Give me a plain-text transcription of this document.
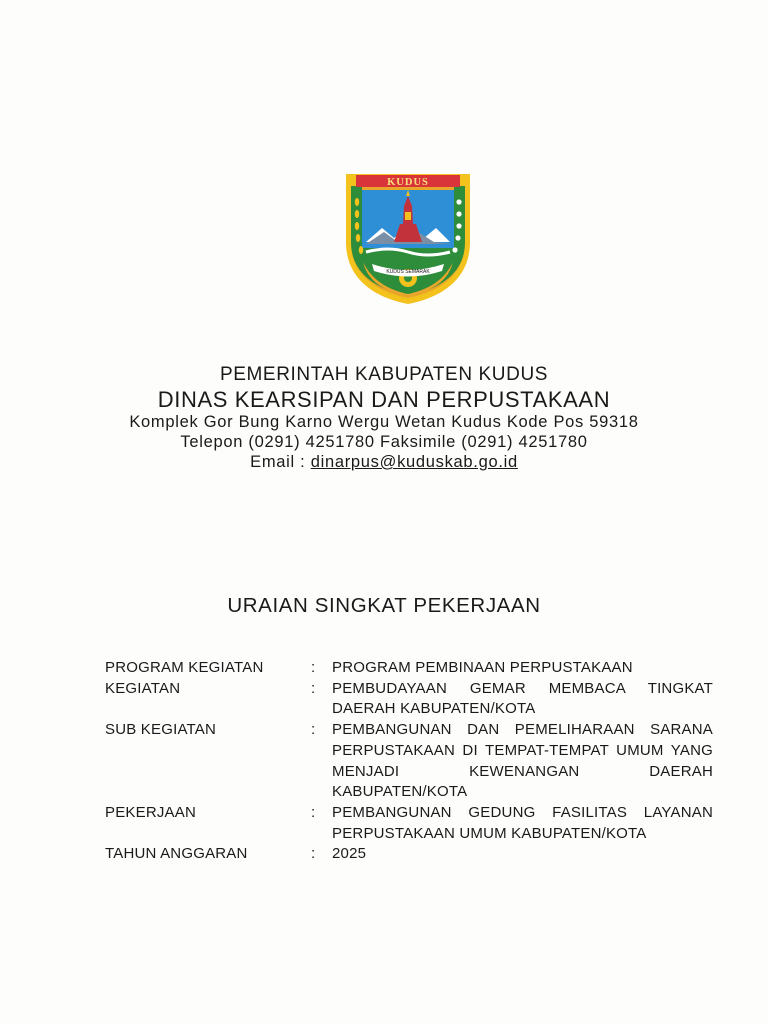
KUDUS SEMARAK
KUDUS
PEMERINTAH KABUPATEN KUDUS
DINAS KEARSIPAN DAN PERPUSTAKAAN
Komplek Gor Bung Karno Wergu Wetan Kudus Kode Pos 59318
Telepon (0291) 4251780 Faksimile (0291) 4251780
Email : dinarpus@kuduskab.go.id
URAIAN SINGKAT PEKERJAAN
PROGRAM KEGIATAN	:	PROGRAM PEMBINAAN PERPUSTAKAAN
KEGIATAN	:	PEMBUDAYAAN GEMAR MEMBACA TINGKAT DAERAH KABUPATEN/KOTA
SUB KEGIATAN	:	PEMBANGUNAN DAN PEMELIHARAAN SARANA PERPUSTAKAAN DI TEMPAT-TEMPAT UMUM YANG MENJADI KEWENANGAN DAERAH KABUPATEN/KOTA
PEKERJAAN	:	PEMBANGUNAN GEDUNG FASILITAS LAYANAN PERPUSTAKAAN UMUM KABUPATEN/KOTA
TAHUN ANGGARAN	:	2025
